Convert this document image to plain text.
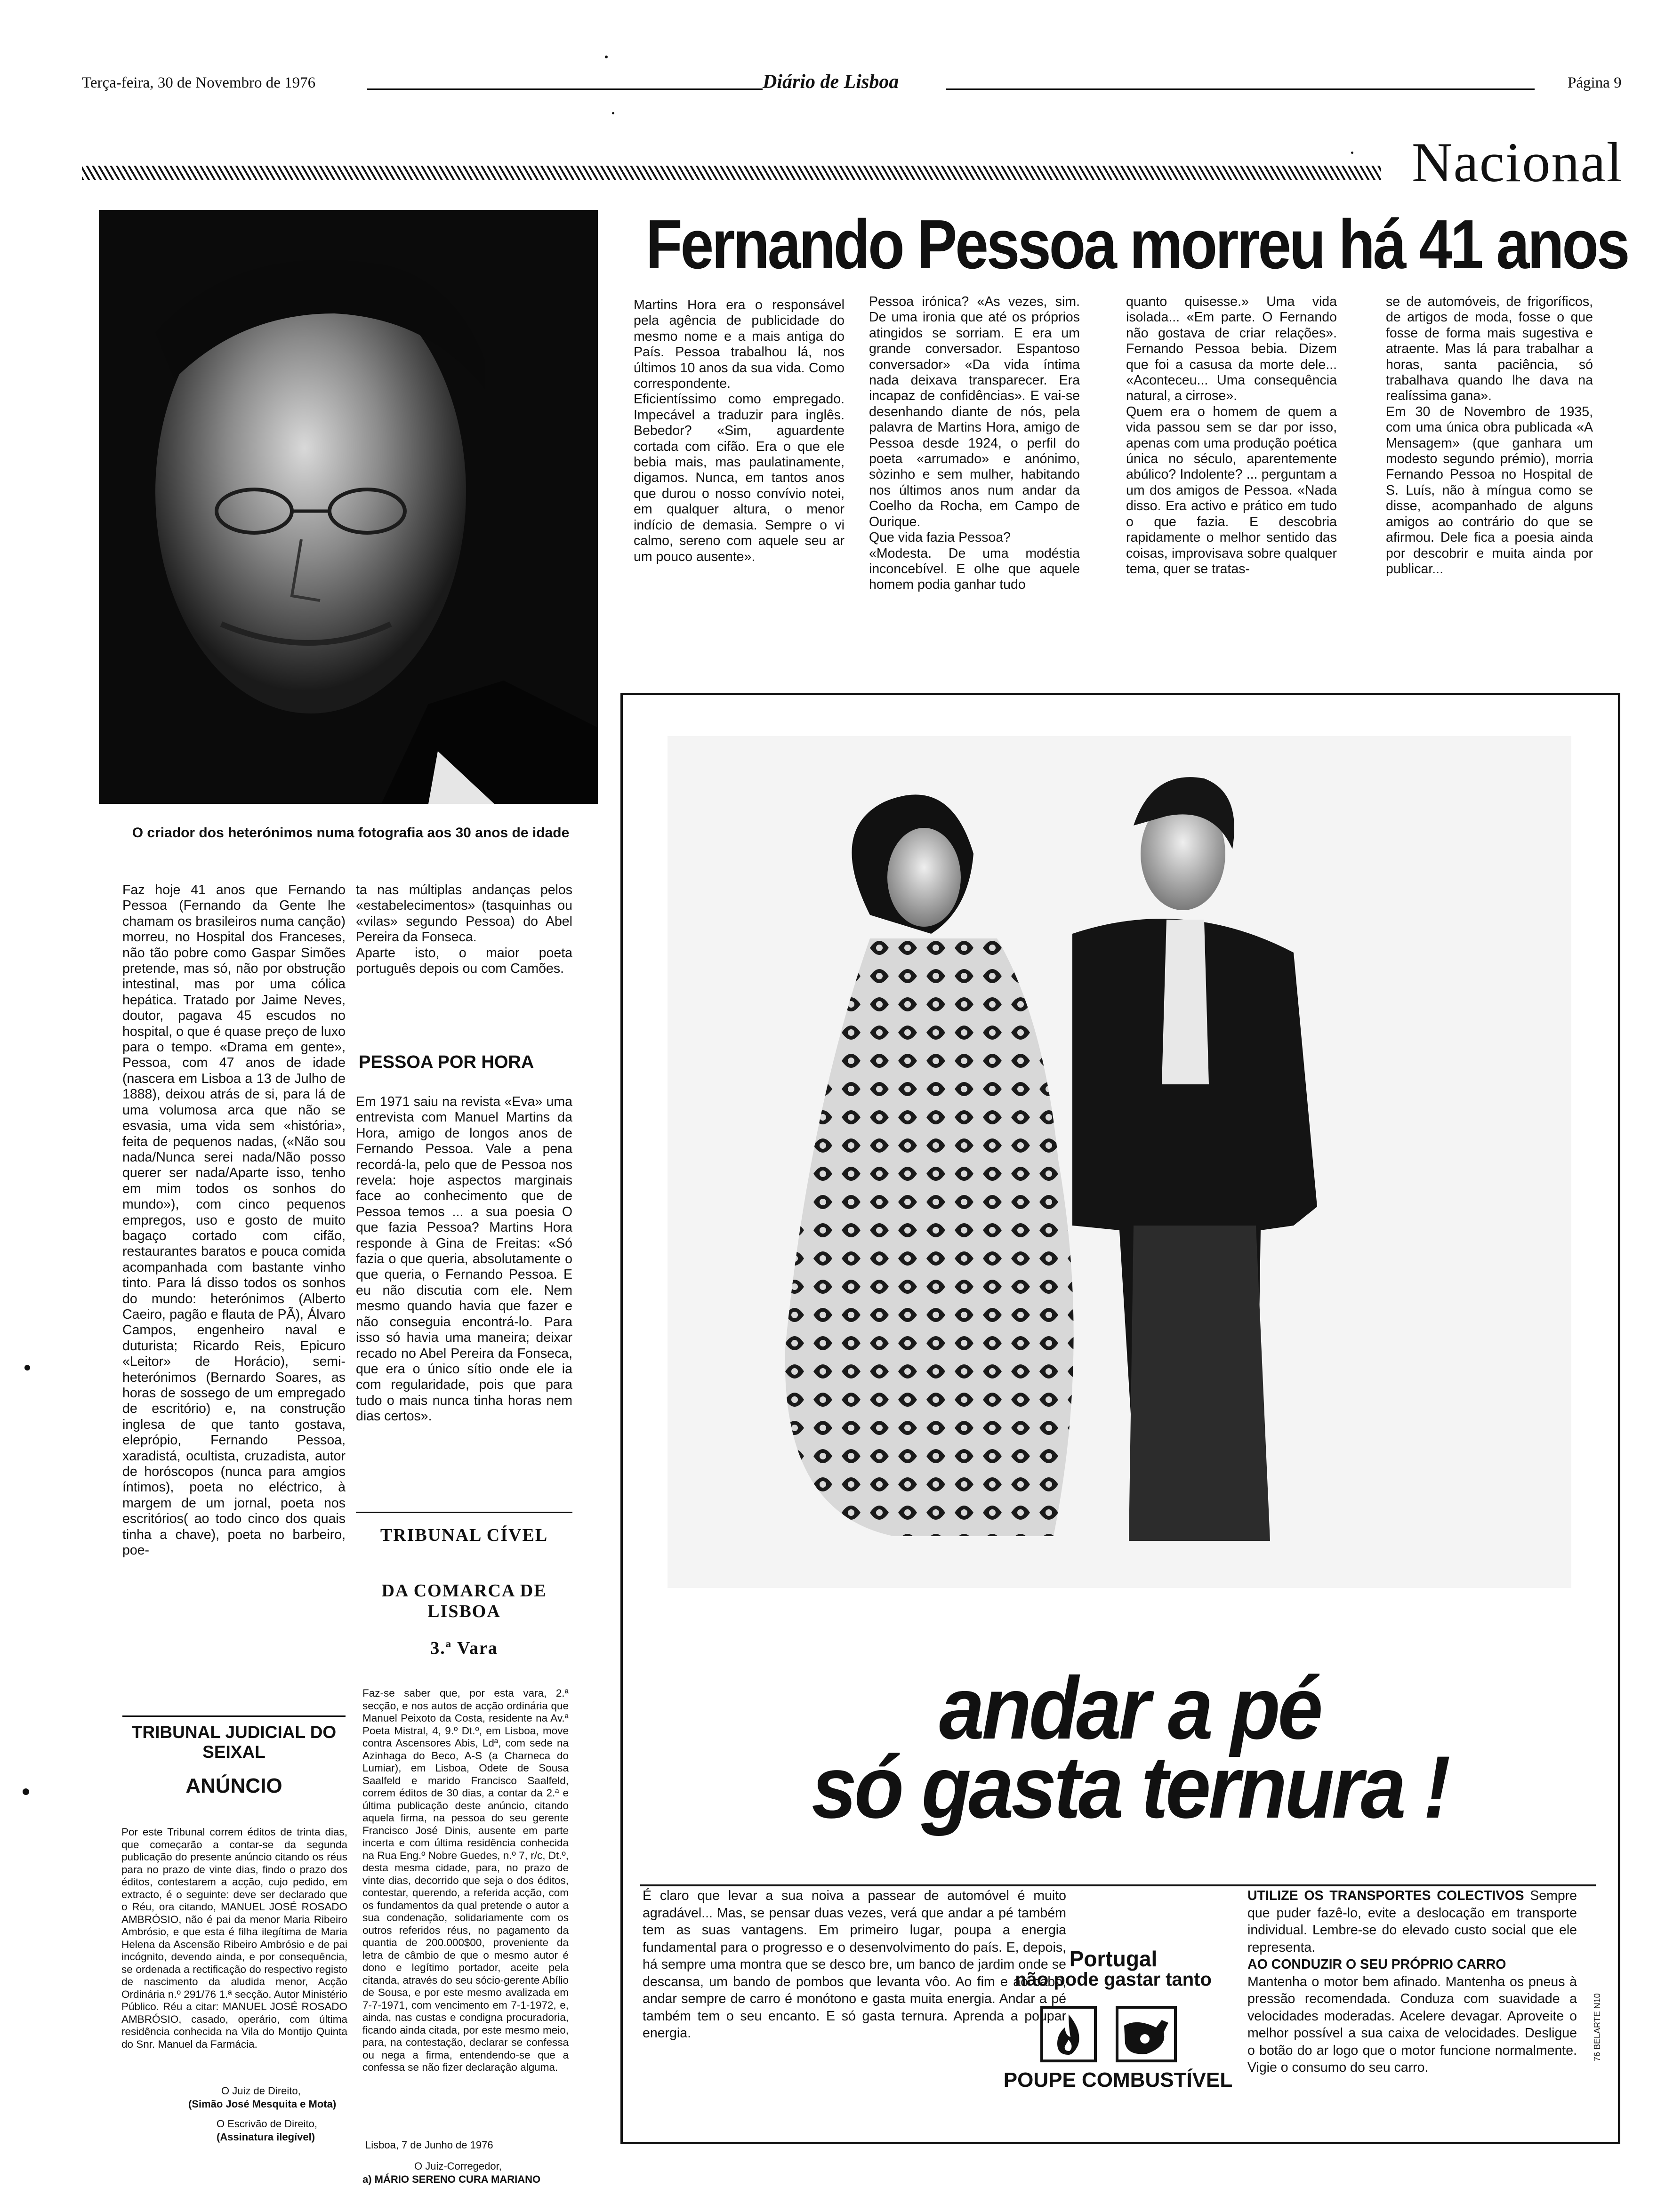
Terça-feira, 30 de Novembro de 1976	Diário de Lisboa	Página 9
Nacional
Fernando Pessoa morreu há 41 anos
O criador dos heterónimos numa fotografia aos 30 anos de idade
Martins Hora era o responsável pela agência de publicidade do mesmo nome e a mais antiga do País. Pessoa trabalhou lá, nos últimos 10 anos da sua vida. Como correspondente.
Eficientíssimo como empregado. Impecável a traduzir para inglês. Bebedor? «Sim, aguardente cortada com cifão. Era o que ele bebia mais, mas paulatinamente, digamos. Nunca, em tantos anos que durou o nosso convívio notei, em qualquer altura, o menor indício de demasia. Sempre o vi calmo, sereno com aquele seu ar um pouco ausente».
Pessoa irónica? «As vezes, sim. De uma ironia que até os próprios atingidos se sorriam. E era um grande conversador. Espantoso conversador» «Da vida íntima nada deixava transparecer. Era incapaz de confidências». E vai-se desenhando diante de nós, pela palavra de Martins Hora, amigo de Pessoa desde 1924, o perfil do poeta «arrumado» e anónimo, sòzinho e sem mulher, habitando nos últimos anos num andar da Coelho da Rocha, em Campo de Ourique.
Que vida fazia Pessoa?
«Modesta. De uma modéstia inconcebível. E olhe que aquele homem podia ganhar tudo
quanto quisesse.» Uma vida isolada... «Em parte. O Fernando não gostava de criar relações». Fernando Pessoa bebia. Dizem que foi a casusa da morte dele... «Aconteceu... Uma consequência natural, a cirrose».
Quem era o homem de quem a vida passou sem se dar por isso, apenas com uma produção poética única no século, aparentemente abúlico? Indolente? ... perguntam a um dos amigos de Pessoa. «Nada disso. Era activo e prático em tudo o que fazia. E descobria rapidamente o melhor sentido das coisas, improvisava sobre qualquer tema, quer se tratas-
se de automóveis, de frigoríficos, de artigos de moda, fosse o que fosse de forma mais sugestiva e atraente. Mas lá para trabalhar a horas, santa paciência, só trabalhava quando lhe dava na realíssima gana».
Em 30 de Novembro de 1935, com uma única obra publicada «A Mensagem» (que ganhara um modesto segundo prémio), morria Fernando Pessoa no Hospital de S. Luís, não à míngua como se disse, acompanhado de alguns amigos ao contrário do que se afirmou. Dele fica a poesia ainda por descobrir e muita ainda por publicar...
Faz hoje 41 anos que Fernando Pessoa (Fernando da Gente lhe chamam os brasileiros numa canção) morreu, no Hospital dos Franceses, não tão pobre como Gaspar Simões pretende, mas só, não por obstrução intestinal, mas por uma cólica hepática. Tratado por Jaime Neves, doutor, pagava 45 escudos no hospital, o que é quase preço de luxo para o tempo. «Drama em gente», Pessoa, com 47 anos de idade (nascera em Lisboa a 13 de Julho de 1888), deixou atrás de si, para lá de uma volumosa arca que não se esvasia, uma vida sem «história», feita de pequenos nadas, («Não sou nada/Nunca serei nada/Não posso querer ser nada/Aparte isso, tenho em mim todos os sonhos do mundo»), com cinco pequenos empregos, uso e gosto de muito bagaço cortado com cifão, restaurantes baratos e pouca comida acompanhada com bastante vinho tinto. Para lá disso todos os sonhos do mundo: heterónimos (Alberto Caeiro, pagão e flauta de PÃ), Álvaro Campos, engenheiro naval e duturista; Ricardo Reis, Epicuro «Leitor» de Horácio), semi-heterónimos (Bernardo Soares, as horas de sossego de um empregado de escritório) e, na construção inglesa de que tanto gostava, eleprópio, Fernando Pessoa, xaradistá, ocultista, cruzadista, autor de horóscopos (nunca para amgios íntimos), poeta no eléctrico, à margem de um jornal, poeta nos escritórios( ao todo cinco dos quais tinha a chave), poeta no barbeiro, poe-
ta nas múltiplas andanças pelos «estabelecimentos» (tasquinhas ou «vilas» segundo Pessoa) do Abel Pereira da Fonseca.
Aparte isto, o maior poeta português depois ou com Camões.
PESSOA POR HORA
Em 1971 saiu na revista «Eva» uma entrevista com Manuel Martins da Hora, amigo de longos anos de Fernando Pessoa. Vale a pena recordá-la, pelo que de Pessoa nos revela: hoje aspectos marginais face ao conhecimento que de Pessoa temos ... a sua poesia O que fazia Pessoa? Martins Hora responde à Gina de Freitas: «Só fazia o que queria, absolutamente o que queria, o Fernando Pessoa. E eu não discutia com ele. Nem mesmo quando havia que fazer e não conseguia encontrá-lo. Para isso só havia uma maneira; deixar recado no Abel Pereira da Fonseca, que era o único sítio onde ele ia com regularidade, pois que para tudo o mais nunca tinha horas nem dias certos».
TRIBUNAL JUDICIAL DO SEIXAL
ANÚNCIO
Por este Tribunal correm éditos de trinta dias, que começarão a contar-se da segunda publicação do presente anúncio citando os réus para no prazo de vinte dias, findo o prazo dos éditos, contestarem a acção, cujo pedido, em extracto, é o seguinte: deve ser declarado que o Réu, ora citando, MANUEL JOSÉ ROSADO AMBRÓSIO, não é pai da menor Maria Ribeiro Ambrósio, e que esta é filha ilegítima de Maria Helena da Ascensão Ribeiro Ambrósio e de pai incógnito, devendo ainda, e por consequência, se ordenada a rectificação do respectivo registo de nascimento da aludida menor, Acção Ordinária n.º 291/76 1.ª secção. Autor Ministério Público. Réu a citar: MANUEL JOSÉ ROSADO AMBRÓSIO, casado, operário, com última residência conhecida na Vila do Montijo Quinta do Snr. Manuel da Farmácia.
O Juiz de Direito,
(Simão José Mesquita e Mota)
O Escrivão de Direito,
(Assinatura ilegível)
TRIBUNAL CÍVEL
DA COMARCA DE LISBOA
3.ª Vara
Faz-se saber que, por esta vara, 2.ª secção, e nos autos de acção ordinária que Manuel Peixoto da Costa, residente na Av.ª Poeta Mistral, 4, 9.º Dt.º, em Lisboa, move contra Ascensores Abis, Ldª, com sede na Azinhaga do Beco, A-S (a Charneca do Lumiar), em Lisboa, Odete de Sousa Saalfeld e marido Francisco Saalfeld, correm éditos de 30 dias, a contar da 2.ª e última publicação deste anúncio, citando aquela firma, na pessoa do seu gerente Francisco José Dinis, ausente em parte incerta e com última residência conhecida na Rua Eng.º Nobre Guedes, n.º 7, r/c, Dt.º, desta mesma cidade, para, no prazo de vinte dias, decorrido que seja o dos éditos, contestar, querendo, a referida acção, com os fundamentos da qual pretende o autor a sua condenação, solidariamente com os outros referidos réus, no pagamento da quantia de 200.000$00, proveniente da letra de câmbio de que o mesmo autor é dono e legítimo portador, aceite pela citanda, através do seu sócio-gerente Abílio de Sousa, e por este mesmo avalizada em 7-7-1971, com vencimento em 7-1-1972, e, ainda, nas custas e condigna procuradoria, ficando ainda citada, por este mesmo meio, para, na contestação, declarar se confessa ou nega a firma, entendendo-se que a confessa se não fizer declaração alguma.
Lisboa, 7 de Junho de 1976
O Juiz-Corregedor,
a) MÁRIO SERENO CURA MARIANO
andar a pé
só gasta ternura !
É claro que levar a sua noiva a passear de automóvel é muito agradável... Mas, se pensar duas vezes, verá que andar a pé também tem as suas vantagens. Em primeiro lugar, poupa a energia fundamental para o progresso e o desenvolvimento do país. E, depois, há sempre uma montra que se desco bre, um banco de jardim onde se descansa, um bando de pombos que levanta vôo. Ao fim e ao cabo, andar sempre de carro é monótono e gasta muita energia. Andar a pé também tem o seu encanto. E só gasta ternura. Aprenda a poupar energia.
Portugal
não pode gastar tanto
POUPE COMBUSTÍVEL
UTILIZE OS TRANSPORTES COLECTIVOS Sempre que puder fazê-lo, evite a deslocação em transporte individual. Lembre-se do elevado custo social que ele representa.
AO CONDUZIR O SEU PRÓPRIO CARRO
Mantenha o motor bem afinado. Mantenha os pneus à pressão recomendada. Conduza com suavidade a velocidades moderadas. Acelere devagar. Aproveite o melhor possível a sua caixa de velocidades. Desligue o botão do ar logo que o motor funcione normalmente. Vigie o consumo do seu carro.
76 BELARTE N10
